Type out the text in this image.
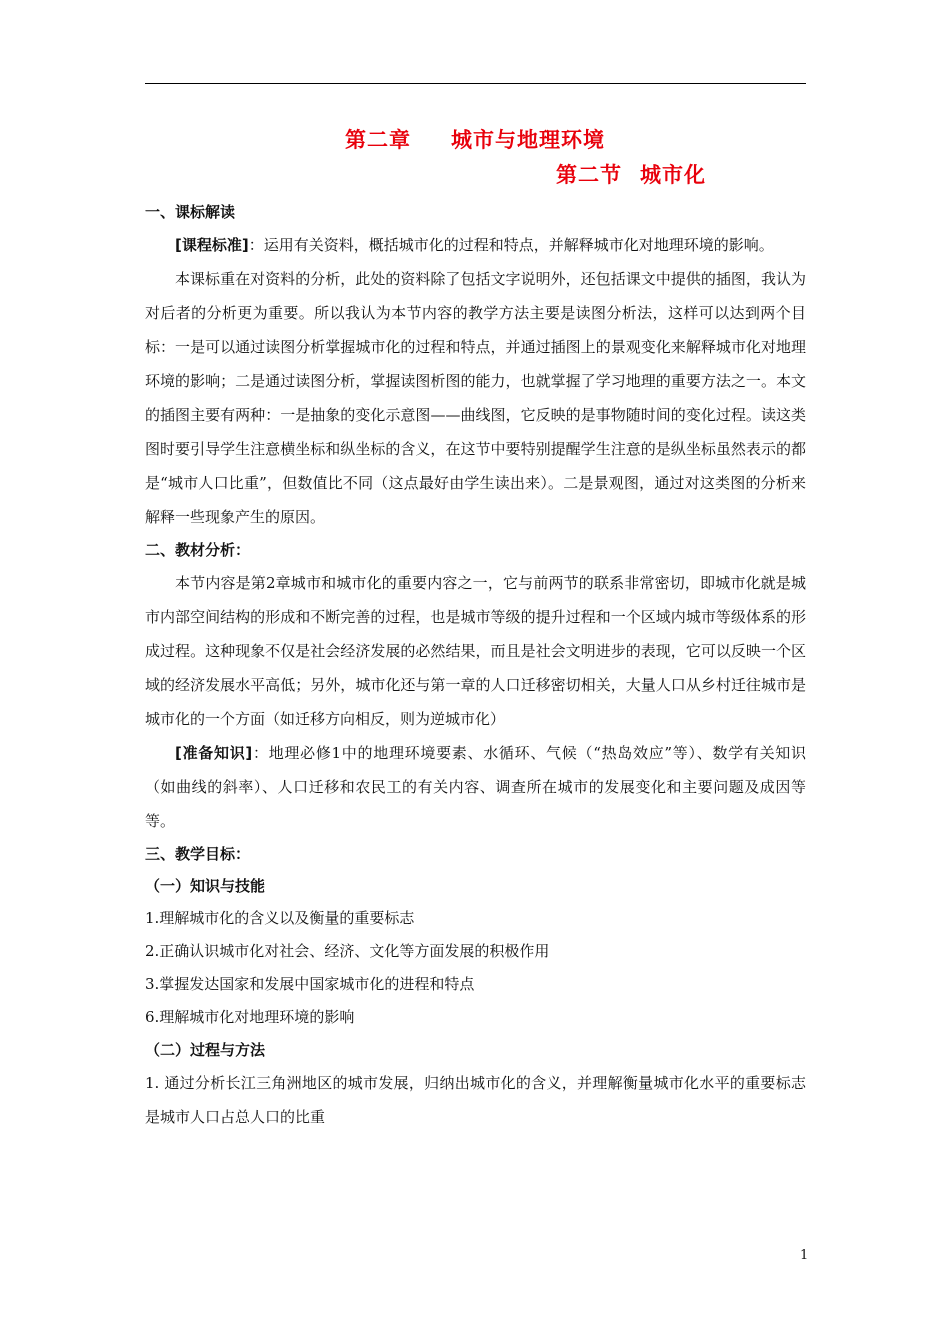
第二章 城市与地理环境
第二节 城市化
一、课标解读
[课程标准]：运用有关资料，概括城市化的过程和特点，并解释城市化对地理环境的影响。
本课标重在对资料的分析，此处的资料除了包括文字说明外，还包括课文中提供的插图，我认为对后者的分析更为重要。所以我认为本节内容的教学方法主要是读图分析法，这样可以达到两个目标：一是可以通过读图分析掌握城市化的过程和特点，并通过插图上的景观变化来解释城市化对地理环境的影响；二是通过读图分析，掌握读图析图的能力，也就掌握了学习地理的重要方法之一。本文的插图主要有两种：一是抽象的变化示意图——曲线图，它反映的是事物随时间的变化过程。读这类图时要引导学生注意横坐标和纵坐标的含义，在这节中要特别提醒学生注意的是纵坐标虽然表示的都是“城市人口比重”，但数值比不同（这点最好由学生读出来）。二是景观图，通过对这类图的分析来解释一些现象产生的原因。
二、教材分析：
本节内容是第2章城市和城市化的重要内容之一，它与前两节的联系非常密切，即城市化就是城市内部空间结构的形成和不断完善的过程，也是城市等级的提升过程和一个区域内城市等级体系的形成过程。这种现象不仅是社会经济发展的必然结果，而且是社会文明进步的表现，它可以反映一个区域的经济发展水平高低；另外，城市化还与第一章的人口迁移密切相关，大量人口从乡村迁往城市是城市化的一个方面（如迁移方向相反，则为逆城市化）
[准备知识]：地理必修1中的地理环境要素、水循环、气候（“热岛效应”等）、数学有关知识（如曲线的斜率）、人口迁移和农民工的有关内容、调查所在城市的发展变化和主要问题及成因等等。
三、教学目标：
（一）知识与技能
1.理解城市化的含义以及衡量的重要标志
2.正确认识城市化对社会、经济、文化等方面发展的积极作用
3.掌握发达国家和发展中国家城市化的进程和特点
6.理解城市化对地理环境的影响
（二）过程与方法
1. 通过分析长江三角洲地区的城市发展，归纳出城市化的含义，并理解衡量城市化水平的重要标志是城市人口占总人口的比重
1
